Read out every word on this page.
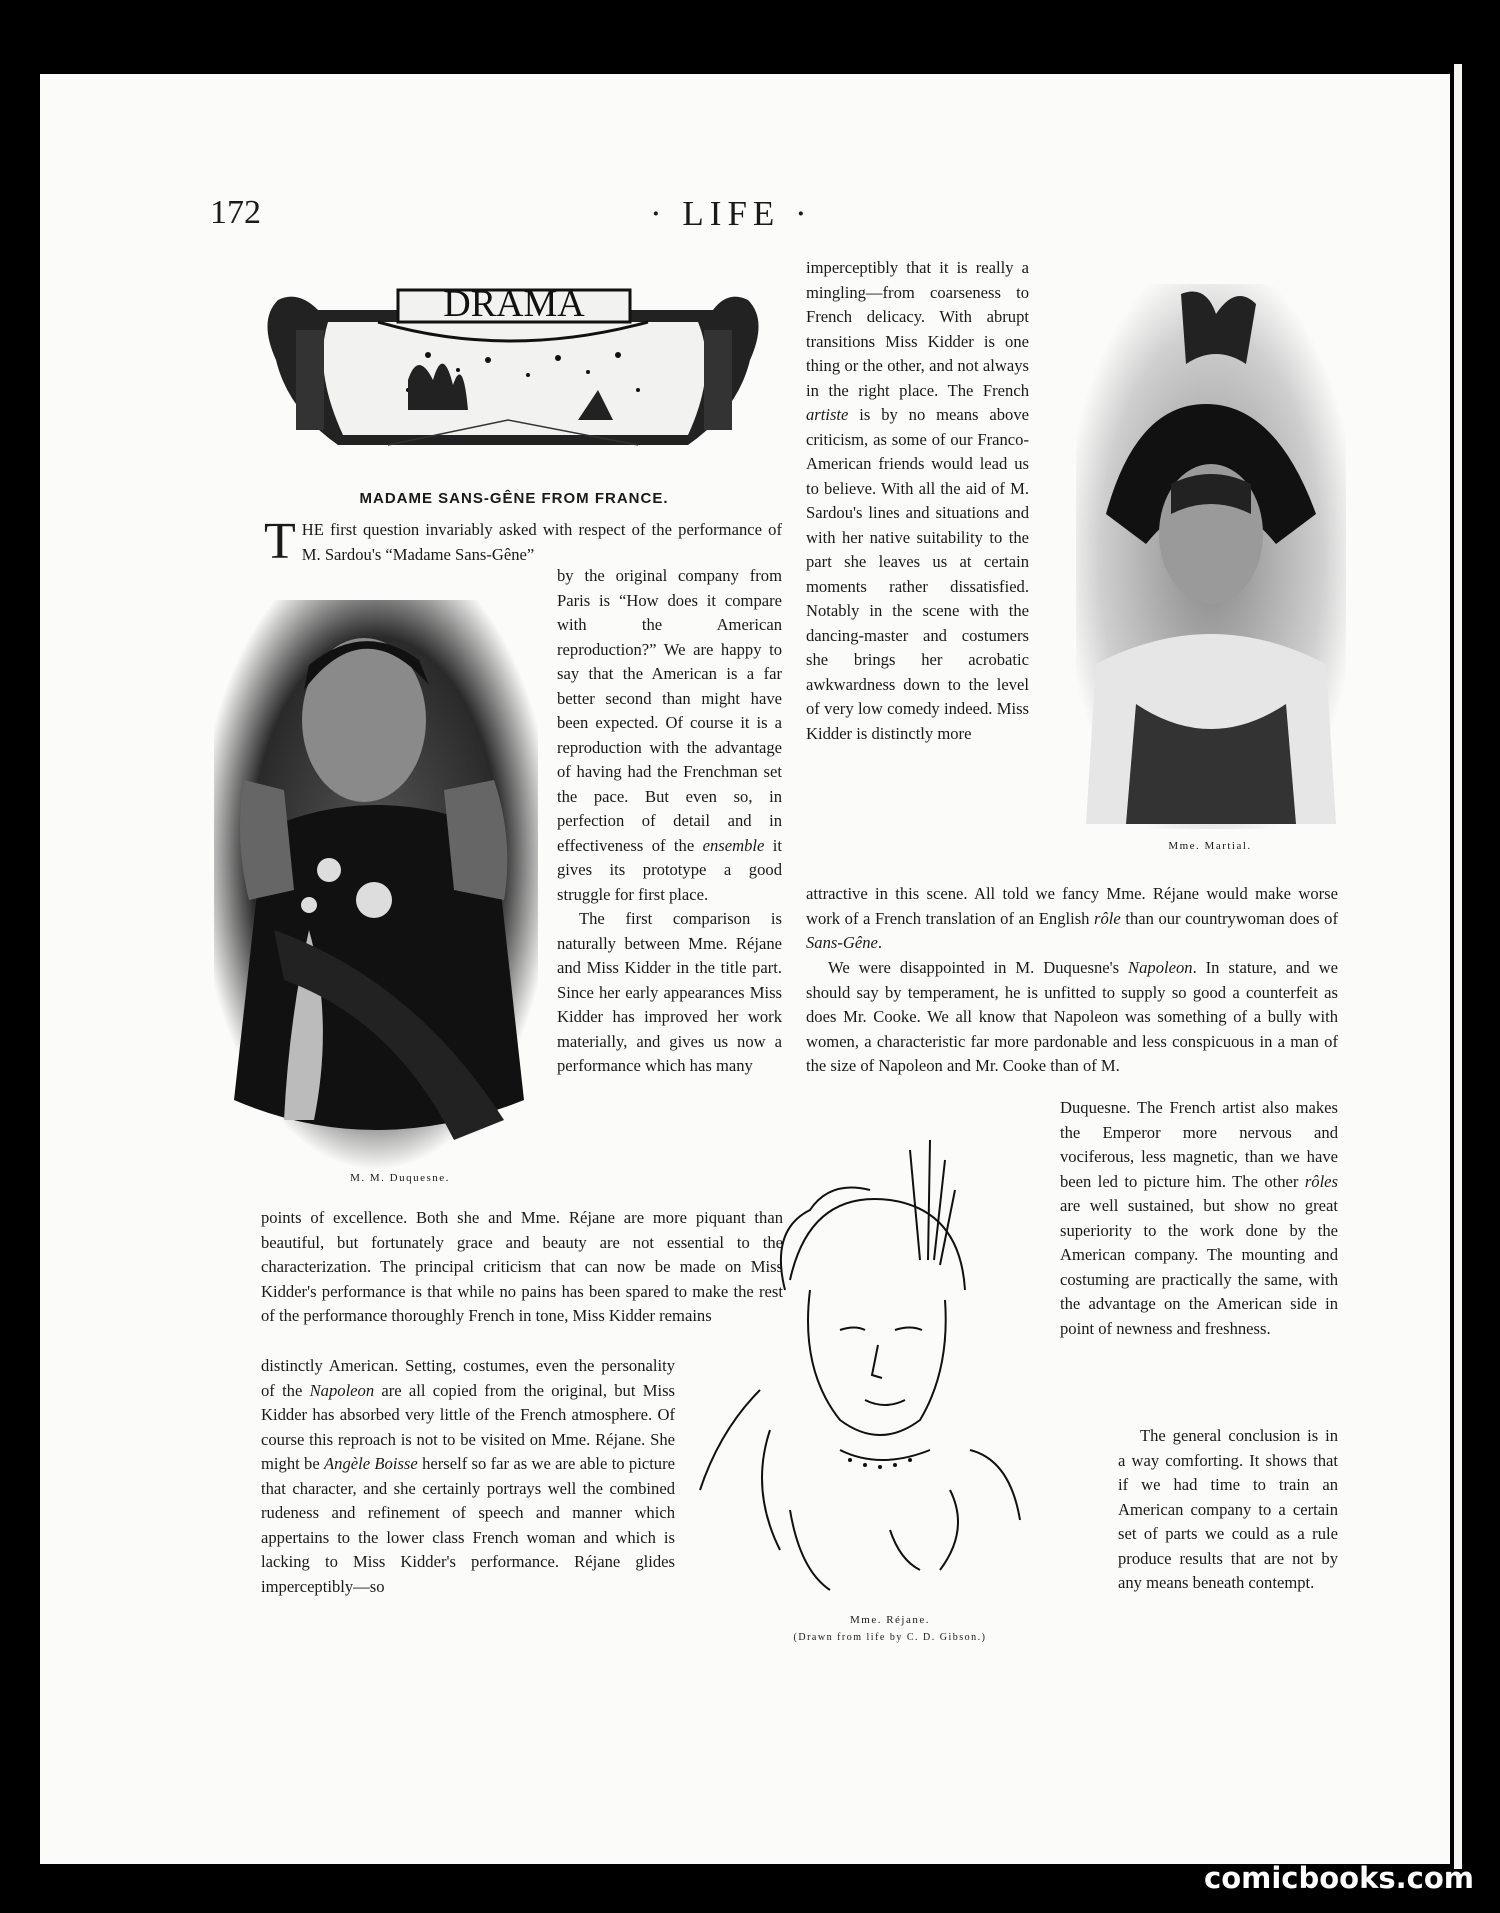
172	· LIFE ·
DRAMA
MADAME SANS-GÊNE FROM FRANCE.
T HE first question invariably asked with respect of the performance of M. Sardou's “Madame Sans-Gêne”
M. M. Duquesne.

by the original company from Paris is “How does it compare with the American reproduction?” We are happy to say that the American is a far better second than might have been expected. Of course it is a reproduction with the advantage of having had the Frenchman set the pace. But even so, in perfection of detail and in effectiveness of the ensemble it gives its prototype a good struggle for first place.

The first comparison is naturally between Mme. Réjane and Miss Kidder in the title part. Since her early appearances Miss Kidder has improved her work materially, and gives us now a performance which has many

points of excellence. Both she and Mme. Réjane are more piquant than beautiful, but fortunately grace and beauty are not essential to the characterization. The principal criticism that can now be made on Miss Kidder's performance is that while no pains has been spared to make the rest of the performance thoroughly French in tone, Miss Kidder remains
distinctly American. Setting, costumes, even the personality of the Napoleon are all copied from the original, but Miss Kidder has absorbed very little of the French atmosphere. Of course this reproach is not to be visited on Mme. Réjane. She might be Angèle Boisse herself so far as we are able to picture that character, and she certainly portrays well the combined rudeness and refinement of speech and manner which appertains to the lower class French woman and which is lacking to Miss Kidder's performance. Réjane glides imperceptibly—so
imperceptibly that it is really a mingling—from coarseness to French delicacy. With abrupt transitions Miss Kidder is one thing or the other, and not always in the right place. The French artiste is by no means above criticism, as some of our Franco-American friends would lead us to believe. With all the aid of M. Sardou's lines and situations and with her native suitability to the part she leaves us at certain moments rather dissatisfied. Notably in the scene with the dancing-master and costumers she brings her acrobatic awkwardness down to the level of very low comedy indeed. Miss Kidder is distinctly more
Mme. Martial.
attractive in this scene. All told we fancy Mme. Réjane would make worse work of a French translation of an English rôle than our countrywoman does of Sans-Gêne.
We were disappointed in M. Duquesne's Napoleon. In stature, and we should say by temperament, he is unfitted to supply so good a counterfeit as does Mr. Cooke. We all know that Napoleon was something of a bully with women, a characteristic far more pardonable and less conspicuous in a man of the size of Napoleon and Mr. Cooke than of M.
Mme. Réjane.
(Drawn from life by C. D. Gibson.)
Duquesne. The French artist also makes the Emperor more nervous and vociferous, less magnetic, than we have been led to picture him. The other rôles are well sustained, but show no great superiority to the work done by the American company. The mounting and costuming are practically the same, with the advantage on the American side in point of newness and freshness.
The general conclusion is in a way comforting. It shows that if we had time to train an American company to a certain set of parts we could as a rule produce results that are not by any means beneath contempt.
comicbooks.com
